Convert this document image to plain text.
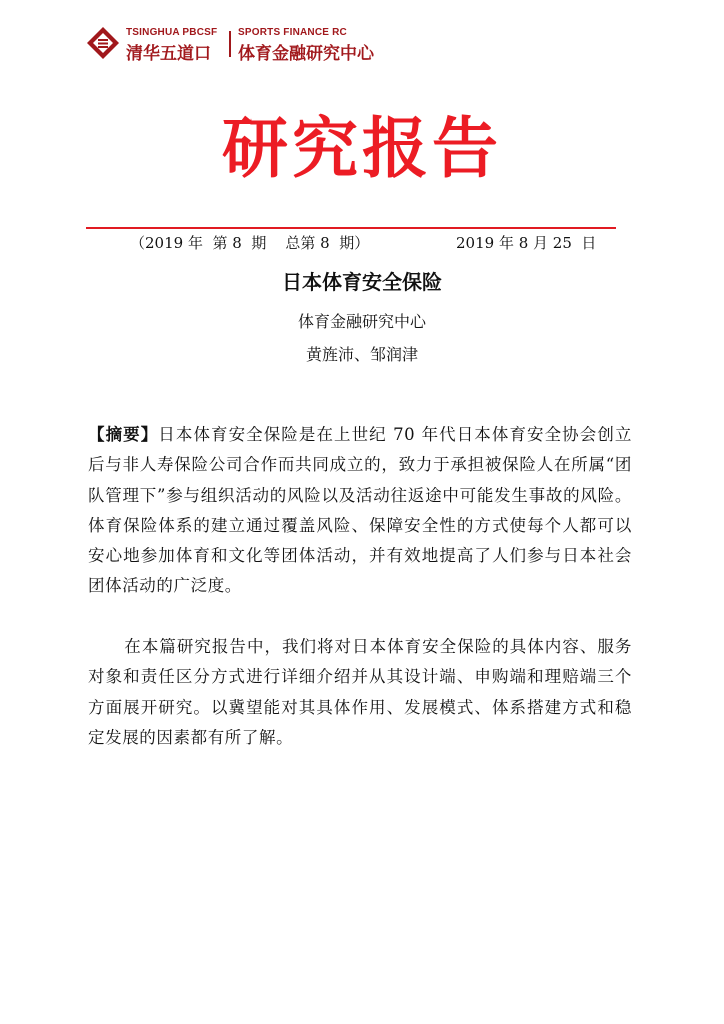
TSINGHUA PBCSF
清华五道口
SPORTS FINANCE RC
体育金融研究中心
研究报告
（2019 年  第 8  期    总第 8  期）	2019 年 8 月 25  日
日本体育安全保险
体育金融研究中心
黄旌沛、邹润津

【摘要】日本体育安全保险是在上世纪 70 年代日本体育安全协会创立后与非人寿保险公司合作而共同成立的，致力于承担被保险人在所属“团队管理下”参与组织活动的风险以及活动往返途中可能发生事故的风险。体育保险体系的建立通过覆盖风险、保障安全性的方式使每个人都可以安心地参加体育和文化等团体活动，并有效地提高了人们参与日本社会团体活动的广泛度。

在本篇研究报告中，我们将对日本体育安全保险的具体内容、服务对象和责任区分方式进行详细介绍并从其设计端、申购端和理赔端三个方面展开研究。以冀望能对其具体作用、发展模式、体系搭建方式和稳定发展的因素都有所了解。
